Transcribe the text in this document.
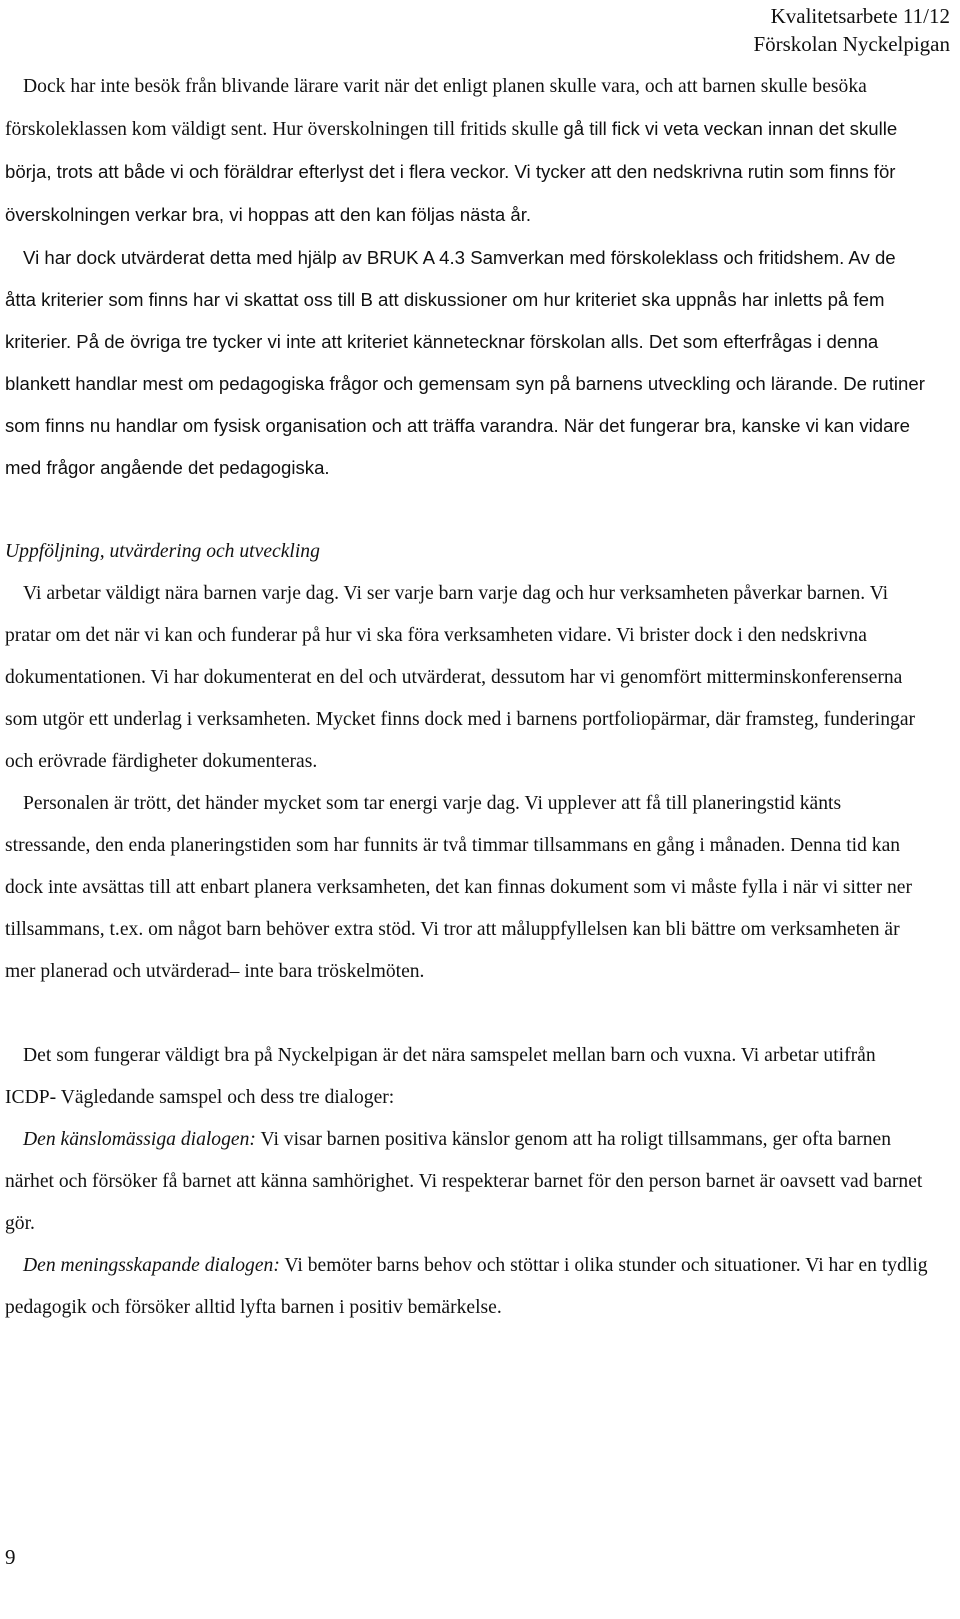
Kvalitetsarbete 11/12
Förskolan Nyckelpigan

Dock har inte besök från blivande lärare varit när det enligt planen skulle vara, och att barnen skulle besöka förskoleklassen kom väldigt sent. Hur överskolningen till fritids skulle gå till fick vi veta veckan innan det skulle börja, trots att både vi och föräldrar efterlyst det i flera veckor. Vi tycker att den nedskrivna rutin som finns för överskolningen verkar bra, vi hoppas att den kan följas nästa år.

Vi har dock utvärderat detta med hjälp av BRUK A 4.3 Samverkan med förskoleklass och fritidshem. Av de åtta kriterier som finns har vi skattat oss till B att diskussioner om hur kriteriet ska uppnås har inletts på fem kriterier. På de övriga tre tycker vi inte att kriteriet kännetecknar förskolan alls. Det som efterfrågas i denna blankett handlar mest om pedagogiska frågor och gemensam syn på barnens utveckling och lärande. De rutiner som finns nu handlar om fysisk organisation och att träffa varandra. När det fungerar bra, kanske vi kan vidare med frågor angående det pedagogiska.

Uppföljning, utvärdering och utveckling

Vi arbetar väldigt nära barnen varje dag. Vi ser varje barn varje dag och hur verksamheten påverkar barnen. Vi pratar om det när vi kan och funderar på hur vi ska föra verksamheten vidare. Vi brister dock i den nedskrivna dokumentationen. Vi har dokumenterat en del och utvärderat, dessutom har vi genomfört mitterminskonferenserna som utgör ett underlag i verksamheten. Mycket finns dock med i barnens portfoliopärmar, där framsteg, funderingar och erövrade färdigheter dokumenteras.

Personalen är trött, det händer mycket som tar energi varje dag. Vi upplever att få till planeringstid känts stressande, den enda planeringstiden som har funnits är två timmar tillsammans en gång i månaden. Denna tid kan dock inte avsättas till att enbart planera verksamheten, det kan finnas dokument som vi måste fylla i när vi sitter ner tillsammans, t.ex. om något barn behöver extra stöd. Vi tror att måluppfyllelsen kan bli bättre om verksamheten är mer planerad och utvärderad– inte bara tröskelmöten.

Det som fungerar väldigt bra på Nyckelpigan är det nära samspelet mellan barn och vuxna. Vi arbetar utifrån ICDP- Vägledande samspel och dess tre dialoger:

Den känslomässiga dialogen: Vi visar barnen positiva känslor genom att ha roligt tillsammans, ger ofta barnen närhet och försöker få barnet att känna samhörighet. Vi respekterar barnet för den person barnet är oavsett vad barnet gör.

Den meningsskapande dialogen: Vi bemöter barns behov och stöttar i olika stunder och situationer. Vi har en tydlig pedagogik och försöker alltid lyfta barnen i positiv bemärkelse.

9
